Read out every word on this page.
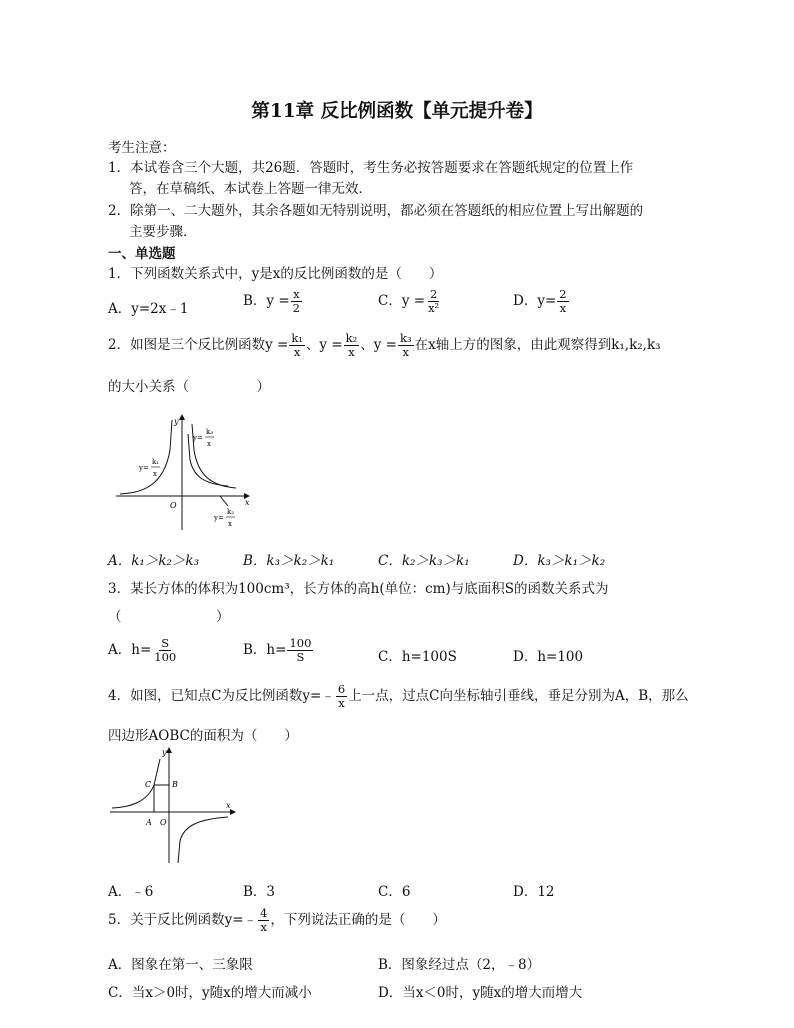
第11章 反比例函数【单元提升卷】
考生注意：
1．本试卷含三个大题，共26题．答题时，考生务必按答题要求在答题纸规定的位置上作
答，在草稿纸、本试卷上答题一律无效．
2．除第一、二大题外，其余各题如无特别说明，都必须在答题纸的相应位置上写出解题的
主要步骤．
一、单选题
1．下列函数关系式中，y是x的反比例函数的是（　　）
A．y=2x﹣1	B．$y = \frac{x}{2}$	C．$y = \frac{2}{\text{x²}}$	D．$y= \frac{2}{x}$
2．如图是三个反比例函数$y = \frac{\text{k₁}}{x}$ 、$y = \frac{\text{k₂}}{x}$ 、$y = \frac{\text{k₃}}{x}$ 在x轴上方的图象，由此观察得到k₁,k₂,k₃
的大小关系（　　　　　）
y
x
O
y=
k₁
x
y=
k₃
x
y=
k₂
x
A．k₁＞k₂＞k₃	B．k₃＞k₂＞k₁	C．k₂＞k₃＞k₁	D．k₃＞k₁＞k₂
3．某长方体的体积为100cm³，长方体的高h(单位：cm)与底面积S的函数关系式为
（　　　　　　　）
A．$h= \frac{S}{100}$	B．$h= \frac{100}{S}$	C．h=100S	D．h=100
4．如图，已知点C为反比例函数y=﹣ $\frac{6}{x}$ 上一点，过点C向坐标轴引垂线，垂足分别为A，B，那么
四边形AOBC的面积为（　　）
y
x
C	B
A O
A．﹣6	B．3	C．6	D．12
5．关于反比例函数y=﹣ $\frac{4}{x}$ ，下列说法正确的是（　　）
A．图象在第一、三象限	B．图象经过点（2，﹣8）
C．当x＞0时，y随x的增大而减小	D．当x＜0时，y随x的增大而增大
